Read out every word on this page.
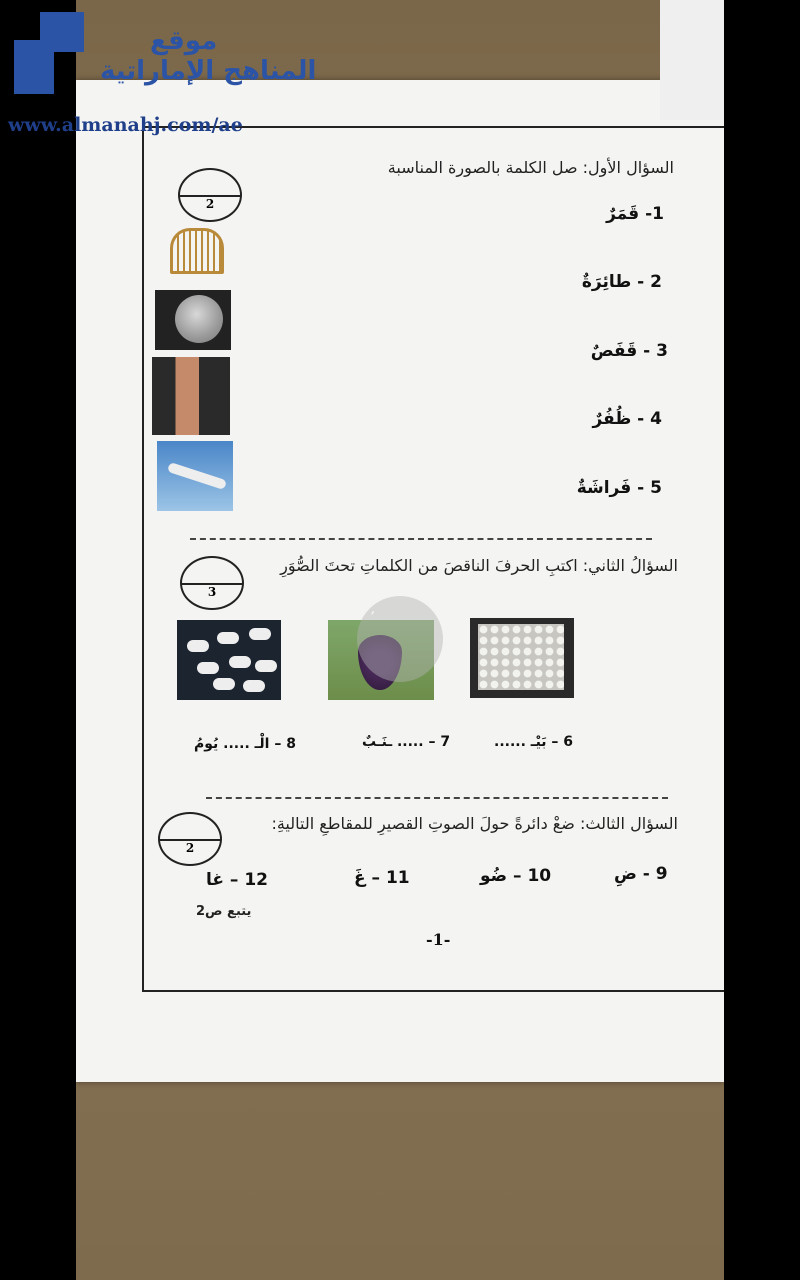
موقع
المناهج الإماراتية
www.almanahj.com/ae
السؤال الأول: صل الكلمة بالصورة المناسبة
2	1- قَمَرٌ
2 - طائِرَةٌ
3 - قَفَصٌ
4 - ظُفُرٌ
5 - فَراشَةٌ
السؤالُ الثاني: اكتبِ الحرفَ الناقصَ من الكلماتِ تحتَ الصُّوَرِ
3
′
6 – بَيْـ ......
7 – ..... ـنَـبٌ
8 – الْـ ..... يُومُ
السؤال الثالث: ضعْ دائرةً حولَ الصوتِ القصيرِ للمقاطعِ التاليةِ:
2
9 - ضِ
10 – ضُو
11 – غَ
12 – غا
يتبع ص2
-1-
